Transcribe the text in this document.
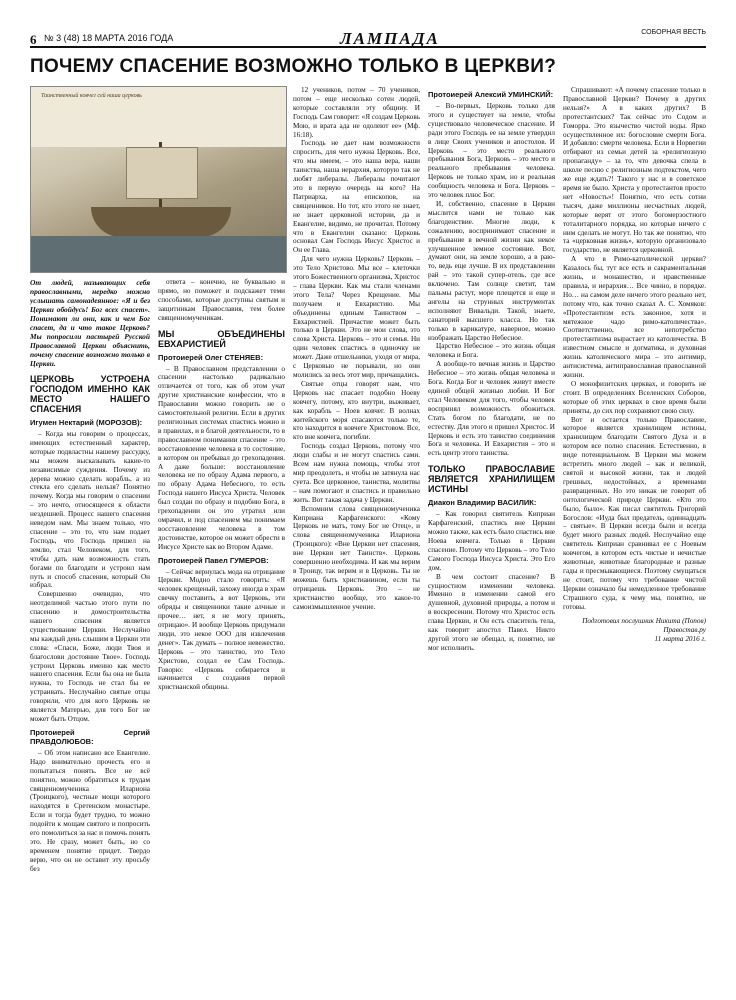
6 № 3 (48) 18 МАРТА 2016 ГОДА	ЛАМПАДА	СОБОРНАЯ ВЕСТЬ
ПОЧЕМУ СПАСЕНИЕ ВОЗМОЖНО ТОЛЬКО В ЦЕРКВИ?
Таинственный ковчег сей наша церковь
От людей, называющих себя православными, нередко можно услышать самонадеянное: «Я и без Церкви обойдусь! Бог всех спасет». Понимают ли они, как и чем Бог спасет, да и что такое Церковь? Мы попросили пастырей Русской Православной Церкви объяснить, почему спасение возможно только в Церкви.
ЦЕРКОВЬ УСТРОЕНА ГОСПОДОМ ИМЕННО КАК МЕСТО НАШЕГО СПАСЕНИЯ
Игумен Нектарий (МОРОЗОВ):

– Когда мы говорим о процессах, имеющих естественный характер, которые подвластны нашему рассудку, мы можем высказывать какие-то независимые суждения. Почему из дерева можно сделать корабль, а из стекла его сделать нельзя? Понятно почему. Когда мы говорим о спасении – это нечто, относящееся к области нездешней. Процесс нашего спасения неведом нам. Мы знаем только, что спасение – это то, что нам подает Господь, что Господь пришел на землю, стал Человеком, для того, чтобы дать нам возможность стать богами по благодати и устроил нам путь и способ спасения, который Он избрал.

Совершенно очевидно, что неотделимой частью этого пути по спасению и домостроительства нашего спасения является существование Церкви. Неслучайно мы каждый день слышим в Церкви эти слова: «Спаси, Боже, люди Твоя и благослови достояние Твое». Господь устроил Церковь именно как место нашего спасения. Если бы она не была нужна, то Господь не стал бы ее устраивать. Неслучайно святые отцы говорили, что для кого Церковь не является Матерью, для того Бог не может быть Отцом.

Протоиерей Сергий ПРАВДОЛЮБОВ:

– Об этом написано все Евангелие. Надо внимательно прочесть его и попытаться понять. Все не всё понятно, можно обратиться к трудам священномученика Илариона (Троицкого), честные мощи которого находятся в Сретенском монастыре. Если и тогда будет трудно, то можно подойти к мощам святого и попросить его помолиться за нас и помочь понять это. Не сразу, может быть, но со временем понятие придет. Твердо верю, что он не оставит эту просьбу без

ответа – конечно, не буквально и прямо, но поможет и подскажет теми способами, которые доступны святым и защитникам Православия, тем более священномученикам.

МЫ ОБЪЕДИНЕНЫ ЕВХАРИСТИЕЙ
Протоиерей Олег СТЕНЯЕВ:

– В Православном представлении о спасении настолько радикально отличается от того, как об этом учат другие христианские конфессии, что в Православии можно говорить не о самостоятельной религии. Если в других религиозных системах спастись можно и в правилах, и в благой деятельности, то в православном понимании спасение – это восстановление человека в то состояние, в котором он пребывал до грехопадения. А даже больше: восстановление человека не по образу Адама первого, а по образу Адама Небесного, то есть Господа нашего Иисуса Христа. Человек был создан по образу и подобию Бога, в грехопадении он это утратил или омрачил, и под спасением мы понимаем восстановление человека в том достоинстве, которое он может обрести в Иисусе Христе как во Втором Адаме.

Протоиерей Павел ГУМЕРОВ:

– Сейчас вернулась мода на отрицание Церкви. Модно стало говорить: «Я человек крещеный, захожу иногда в храм свечку поставить, а вот Церковь, эти обряды и священники такие алчные и прочее… нет, я не могу принять, отрицаю». И вообще Церковь придумали люди, это некое ООО для извлечения денег». Так думать – полное невежество. Церковь – это таинство, это Тело Христово, создал ее Сам Господь. Говорю: «Церковь собирается и начинается с создания первой христианской общины.

12 учеников, потом – 70 учеников, потом – еще несколько сотен людей, которые составляли эту общину. И Господь Сам говорит: «Я создам Церковь Мою, и врата ада не одолеют ее» (Мф. 16:18).

Господь не дает нам возможности спросить, для чего нужна Церковь. Все, что мы имеем, – это наша вера, наши таинства, наша иерархия, которую так не любят либералы. Либералы почитают это в первую очередь на кого? На Патриарха, на епископов, на священников. Но тот, кто этого не знает, не знает церковной истории, да и Евангелие, видимо, не прочитал. Потому что в Евангелии сказано: Церковь основал Сам Господь Иисус Христос и Он ее Глава.

Для чего нужна Церковь? Церковь – это Тело Христово. Мы все – клеточки этого Божественного организма, Христос – глава Церкви. Как мы стали членами этого Тела? Через Крещение. Мы получаем и Евхаристию. Мы объединены единым Таинством – Евхаристией. Причастие может быть только в Церкви. Это не мои слова, это слова Христа. Церковь – это и семья. Ни один человек спастись в одиночку не может. Даже отшельники, уходя от мира, с Церковью не порывали, но они молились за весь этот мир, причащались.

Святые отцы говорят нам, что Церковь нас спасает подобно Ноеву ковчегу, потому, кто внутри, выживает, как корабль – Ноев ковчег. В волнах житейского моря спасаются только те, кто находится в ковчеге Христовом. Все, кто вне ковчега, погибли.

Господь создал Церковь, потому что люди слабы и не могут спастись сами. Всем нам нужна помощь, чтобы этот мир преодолеть, и чтобы не затянула нас суета. Все церковное, таинства, молитвы – нам помогают и спастись и правильно жить. Вот такая задача у Церкви.

Вспомним слова священномученика Киприана Карфагенского: «Кому Церковь не мать, тому Бог не Отец», и слова священномученика Илариона (Троицкого): «Вне Церкви нет спасения, вне Церкви нет Таинств». Церковь совершенно необходима. И как мы верим в Троицу, так верим и в Церковь. Ты не можешь быть христианином, если ты отрицаешь Церковь. Это – не христианство вообще, это какое-то самоизмышленное учение.

Протоиерей Алексий УМИНСКИЙ:

– Во-первых, Церковь только для этого и существует на земле, чтобы существовало человеческое спасение. И ради этого Господь ее на земле утвердил в лице Своих учеников и апостолов. И Церковь – это место реального пребывания Бога, Церковь – это место и реального пребывания человека. Церковь не только храм, но и реальная сообщность человека и Бога. Церковь – это человек плюс Бог.

И, собственно, спасение в Церкви мыслится нами не только как благоденствие. Многие люди, к сожалению, воспринимают спасение и пребывание в вечной жизни как некое улучшенное земное состояние. Вот, думают они, на земле хорошо, а в раю-то, ведь еще лучше. В их представлении рай – это такой супер-отель, где все включено. Там солнце светит, там пальмы растут, море плещется и еще и ангелы на струнных инструментах исполняют Вивальди. Такой, знаете, санаторий высшего класса. Но так только в карикатуре, наверное, можно изображать Царство Небесное.

Царство Небесное – это жизнь общая человека и Бога.

А вообще-то вечная жизнь и Царство Небесное – это жизнь общая человека и Бога. Когда Бог и человек живут вместе единой общей жизнью любви. И Бог стал Человеком для того, чтобы человек воспринял возможность обожиться. Стать богом по благодати, не по естеству. Для этого и пришел Христос. И Церковь и есть это таинство соединения Бога и человека. И Евхаристия – это и есть центр этого таинства.

ТОЛЬКО ПРАВОСЛАВИЕ ЯВЛЯЕТСЯ ХРАНИЛИЩЕМ ИСТИНЫ
Диакон Владимир ВАСИЛИК:

– Как говорил святитель Киприан Карфагенский, спастись вне Церкви можно также, как есть было спастись вне Ноева ковчега. Только в Церкви спасение. Потому что Церковь – это Тело Самого Господа Иисуса Христа. Это Его дом.

В чем состоит спасение? В сущностном изменении человека. Именно в изменении самой его душевной, духовной природы, а потом и в воскресении. Потому что Христос есть глава Церкви, и Он есть спаситель тела, как говорит апостол Павел. Никто другой этого не обещал, и, понятно, не мог исполнить.

Спрашивают: «А почему спасение только в Православной Церкви? Почему в других нельзя?» А в каких других? В протестантских? Так сейчас это Содом и Гоморра. Это язычество чистой воды. Ярко осуществленное их: богословие смерти Бога. И добавлю: смерти человека. Если в Норвегии отбирают из семьи детей за «религиозную пропаганду» – за то, что девочка спела в школе песню с религиозным подтекстом, чего же еще ждать?! Такого у нас и в советское время не было. Христа у протестантов просто нет «Новость»! Понятно, что есть сотни тысяч, даже миллионы несчастных людей, которые верят от этого богомерзостного тоталитарного порядка, но которые ничего с ним сделать не могут. Но так же понятно, что та «церковная жизнь», которую организовало государство, не является церковной.

А что в Римо-католической церкви? Казалось бы, тут все есть и сакраментальная жизнь, и монашество, и нравственные правила, и иерархия… Все чинно, в порядке. Но… на самом деле ничего этого реально нет, потому что, как точно сказал А. С. Хомяков: «Протестантизм есть законное, хотя и мятежное чадо римо-католичества». Соответственно, все непотребство протестантизма вырастает из католичества. В известном смысле и догматика, и духовная жизнь католического мира – это антимир, антисистема, антиправославная православной жизни.

О монофизитских церквах, и говорить не стоит. В определениях Вселенских Соборов, которые об этих церквах в свое время были приняты, до сих пор сохраняют свою силу.

Вот и остается только Православие, которое является хранилищем истины, хранилищем благодати Святого Духа и в котором все полно спасения. Естественно, в виде потенциальном. В Церкви мы можем встретить много людей – как и великой, святой и высокой жизни, так и людей грешных, недостойных, а временами развращенных. Но это никак не говорит об онтологической природе Церкви. «Кто это было, было». Как писал святитель Григорий Богослов: «Иуда был предатель, одиннадцать – святые». В Церкви всегда были и всегда будет много разных людей. Неслучайно еще святитель Киприан сравнивал ее с Ноевым ковчегом, в котором есть чистые и нечистые животные, животные благородные и разные гады и пресмыкающиеся. Поэтому смущаться не стоит, потому что требование чистой Церкви означало бы немедленное требование Страшного суда, к чему мы, понятно, не готовы.

Подготовил послушник Никита (Попов)
Правостав.ру
11 марта 2016 г.
